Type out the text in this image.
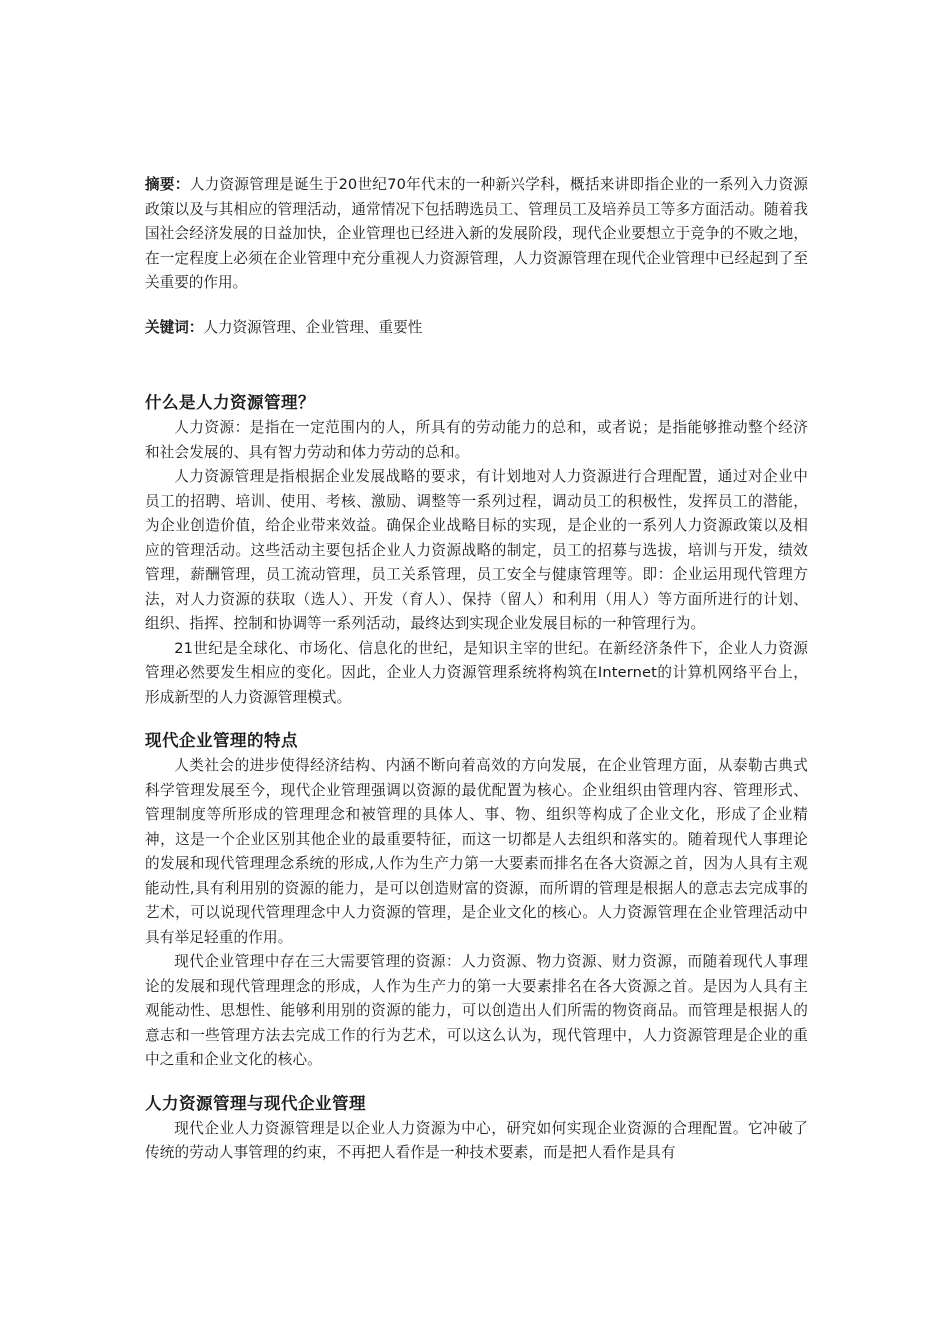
摘要：人力资源管理是诞生于20世纪70年代末的一种新兴学科，概括来讲即指企业的一系列入力资源政策以及与其相应的管理活动，通常情况下包括聘选员工、管理员工及培养员工等多方面活动。随着我国社会经济发展的日益加快，企业管理也已经进入新的发展阶段，现代企业要想立于竞争的不败之地，在一定程度上必须在企业管理中充分重视人力资源管理，人力资源管理在现代企业管理中已经起到了至关重要的作用。

关键词：人力资源管理、企业管理、重要性

什么是人力资源管理？

人力资源：是指在一定范围内的人，所具有的劳动能力的总和，或者说；是指能够推动整个经济和社会发展的、具有智力劳动和体力劳动的总和。

人力资源管理是指根据企业发展战略的要求，有计划地对人力资源进行合理配置，通过对企业中员工的招聘、培训、使用、考核、激励、调整等一系列过程，调动员工的积极性，发挥员工的潜能，为企业创造价值，给企业带来效益。确保企业战略目标的实现，是企业的一系列人力资源政策以及相应的管理活动。这些活动主要包括企业人力资源战略的制定，员工的招募与选拔，培训与开发，绩效管理，薪酬管理，员工流动管理，员工关系管理，员工安全与健康管理等。即：企业运用现代管理方法，对人力资源的获取（选人）、开发（育人）、保持（留人）和利用（用人）等方面所进行的计划、组织、指挥、控制和协调等一系列活动，最终达到实现企业发展目标的一种管理行为。

21世纪是全球化、市场化、信息化的世纪，是知识主宰的世纪。在新经济条件下，企业人力资源管理必然要发生相应的变化。因此，企业人力资源管理系统将构筑在Internet的计算机网络平台上，形成新型的人力资源管理模式。

现代企业管理的特点

人类社会的进步使得经济结构、内涵不断向着高效的方向发展，在企业管理方面，从泰勒古典式科学管理发展至今，现代企业管理强调以资源的最优配置为核心。企业组织由管理内容、管理形式、管理制度等所形成的管理理念和被管理的具体人、事、物、组织等构成了企业文化，形成了企业精神，这是一个企业区别其他企业的最重要特征，而这一切都是人去组织和落实的。随着现代人事理论的发展和现代管理理念系统的形成,人作为生产力第一大要素而排名在各大资源之首，因为人具有主观能动性,具有利用别的资源的能力，是可以创造财富的资源，而所谓的管理是根据人的意志去完成事的艺术，可以说现代管理理念中人力资源的管理，是企业文化的核心。人力资源管理在企业管理活动中具有举足轻重的作用。

现代企业管理中存在三大需要管理的资源：人力资源、物力资源、财力资源，而随着现代人事理论的发展和现代管理理念的形成，人作为生产力的第一大要素排名在各大资源之首。是因为人具有主观能动性、思想性、能够利用别的资源的能力，可以创造出人们所需的物资商品。而管理是根据人的意志和一些管理方法去完成工作的行为艺术，可以这么认为，现代管理中，人力资源管理是企业的重中之重和企业文化的核心。

人力资源管理与现代企业管理

现代企业人力资源管理是以企业人力资源为中心，研究如何实现企业资源的合理配置。它冲破了传统的劳动人事管理的约束，不再把人看作是一种技术要素，而是把人看作是具有
